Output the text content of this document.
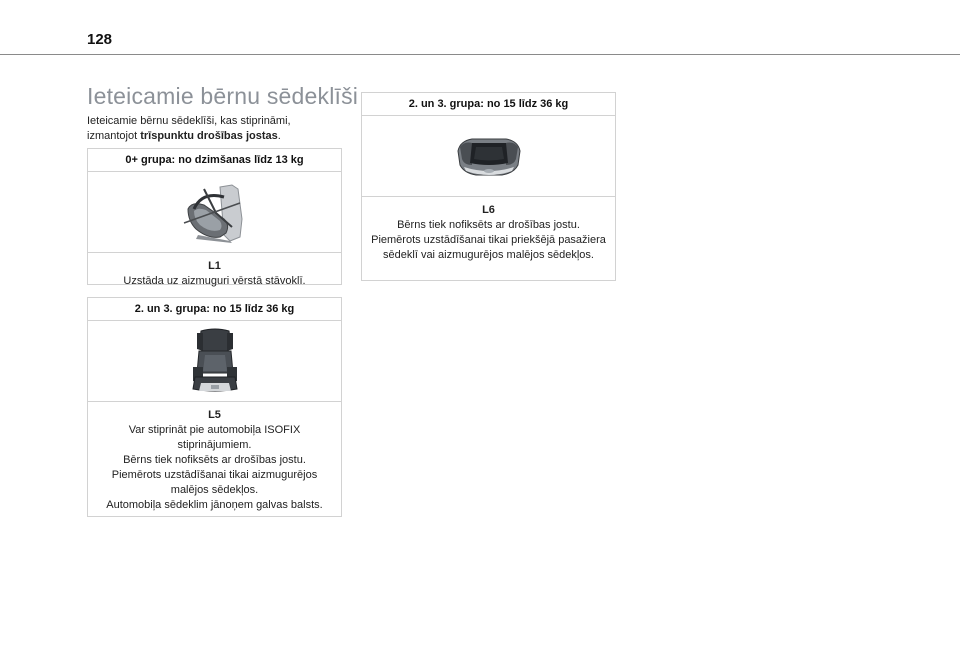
128
Ieteicamie bērnu sēdeklīši
Ieteicamie bērnu sēdeklīši, kas stiprināmi, izmantojot trīspunktu drošības jostas.
0+ grupa: no dzimšanas līdz 13 kg
L1
Uzstāda uz aizmuguri vērstā stāvoklī.
2. un 3. grupa: no 15 līdz 36 kg
L5
Var stiprināt pie automobiļa ISOFIX stiprinājumiem.
Bērns tiek nofiksēts ar drošības jostu.
Piemērots uzstādīšanai tikai aizmugurējos malējos sēdekļos.
Automobiļa sēdeklim jānoņem galvas balsts.
2. un 3. grupa: no 15 līdz 36 kg
L6
Bērns tiek nofiksēts ar drošības jostu.
Piemērots uzstādīšanai tikai priekšējā pasažiera sēdeklī vai aizmugurējos malējos sēdekļos.
